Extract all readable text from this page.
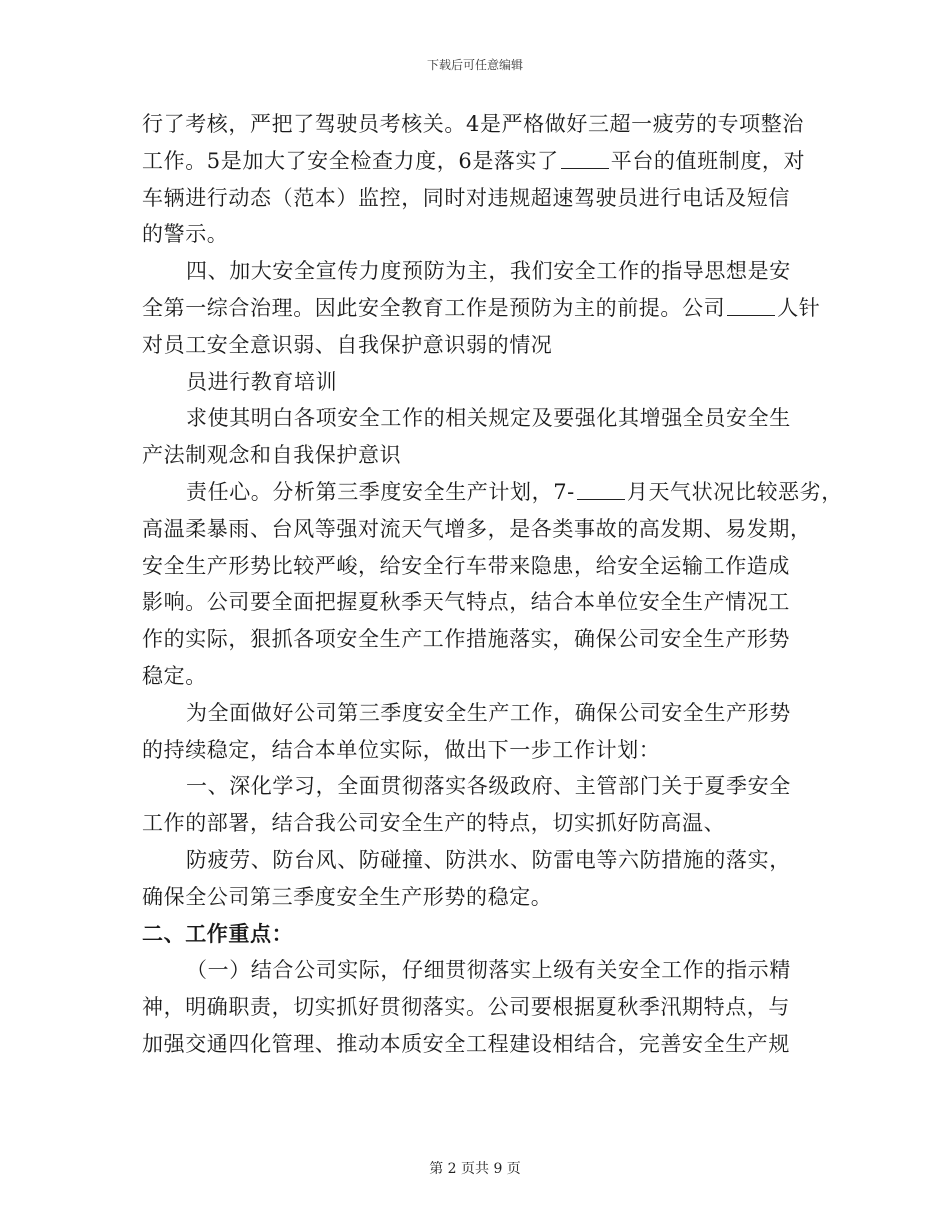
下载后可任意编辑
行了考核，严把了驾驶员考核关。4是严格做好三超一疲劳的专项整治
工作。5是加大了安全检查力度，6是落实了 平台的值班制度，对
车辆进行动态（范本）监控，同时对违规超速驾驶员进行电话及短信
的警示。
四、加大安全宣传力度预防为主，我们安全工作的指导思想是安
全第一综合治理。因此安全教育工作是预防为主的前提。公司 人针
对员工安全意识弱、自我保护意识弱的情况
员进行教育培训
求使其明白各项安全工作的相关规定及要强化其增强全员安全生
产法制观念和自我保护意识
责任心。分析第三季度安全生产计划，7- 月天气状况比较恶劣，
高温柔暴雨、台风等强对流天气增多，是各类事故的高发期、易发期，
安全生产形势比较严峻，给安全行车带来隐患，给安全运输工作造成
影响。公司要全面把握夏秋季天气特点，结合本单位安全生产情况工
作的实际，狠抓各项安全生产工作措施落实，确保公司安全生产形势
稳定。
为全面做好公司第三季度安全生产工作，确保公司安全生产形势
的持续稳定，结合本单位实际，做出下一步工作计划：
一、深化学习，全面贯彻落实各级政府、主管部门关于夏季安全
工作的部署，结合我公司安全生产的特点，切实抓好防高温、
防疲劳、防台风、防碰撞、防洪水、防雷电等六防措施的落实，
确保全公司第三季度安全生产形势的稳定。
二、工作重点：
（一）结合公司实际，仔细贯彻落实上级有关安全工作的指示精
神，明确职责，切实抓好贯彻落实。公司要根据夏秋季汛期特点，与
加强交通四化管理、推动本质安全工程建设相结合，完善安全生产规
第 2 页共 9 页
